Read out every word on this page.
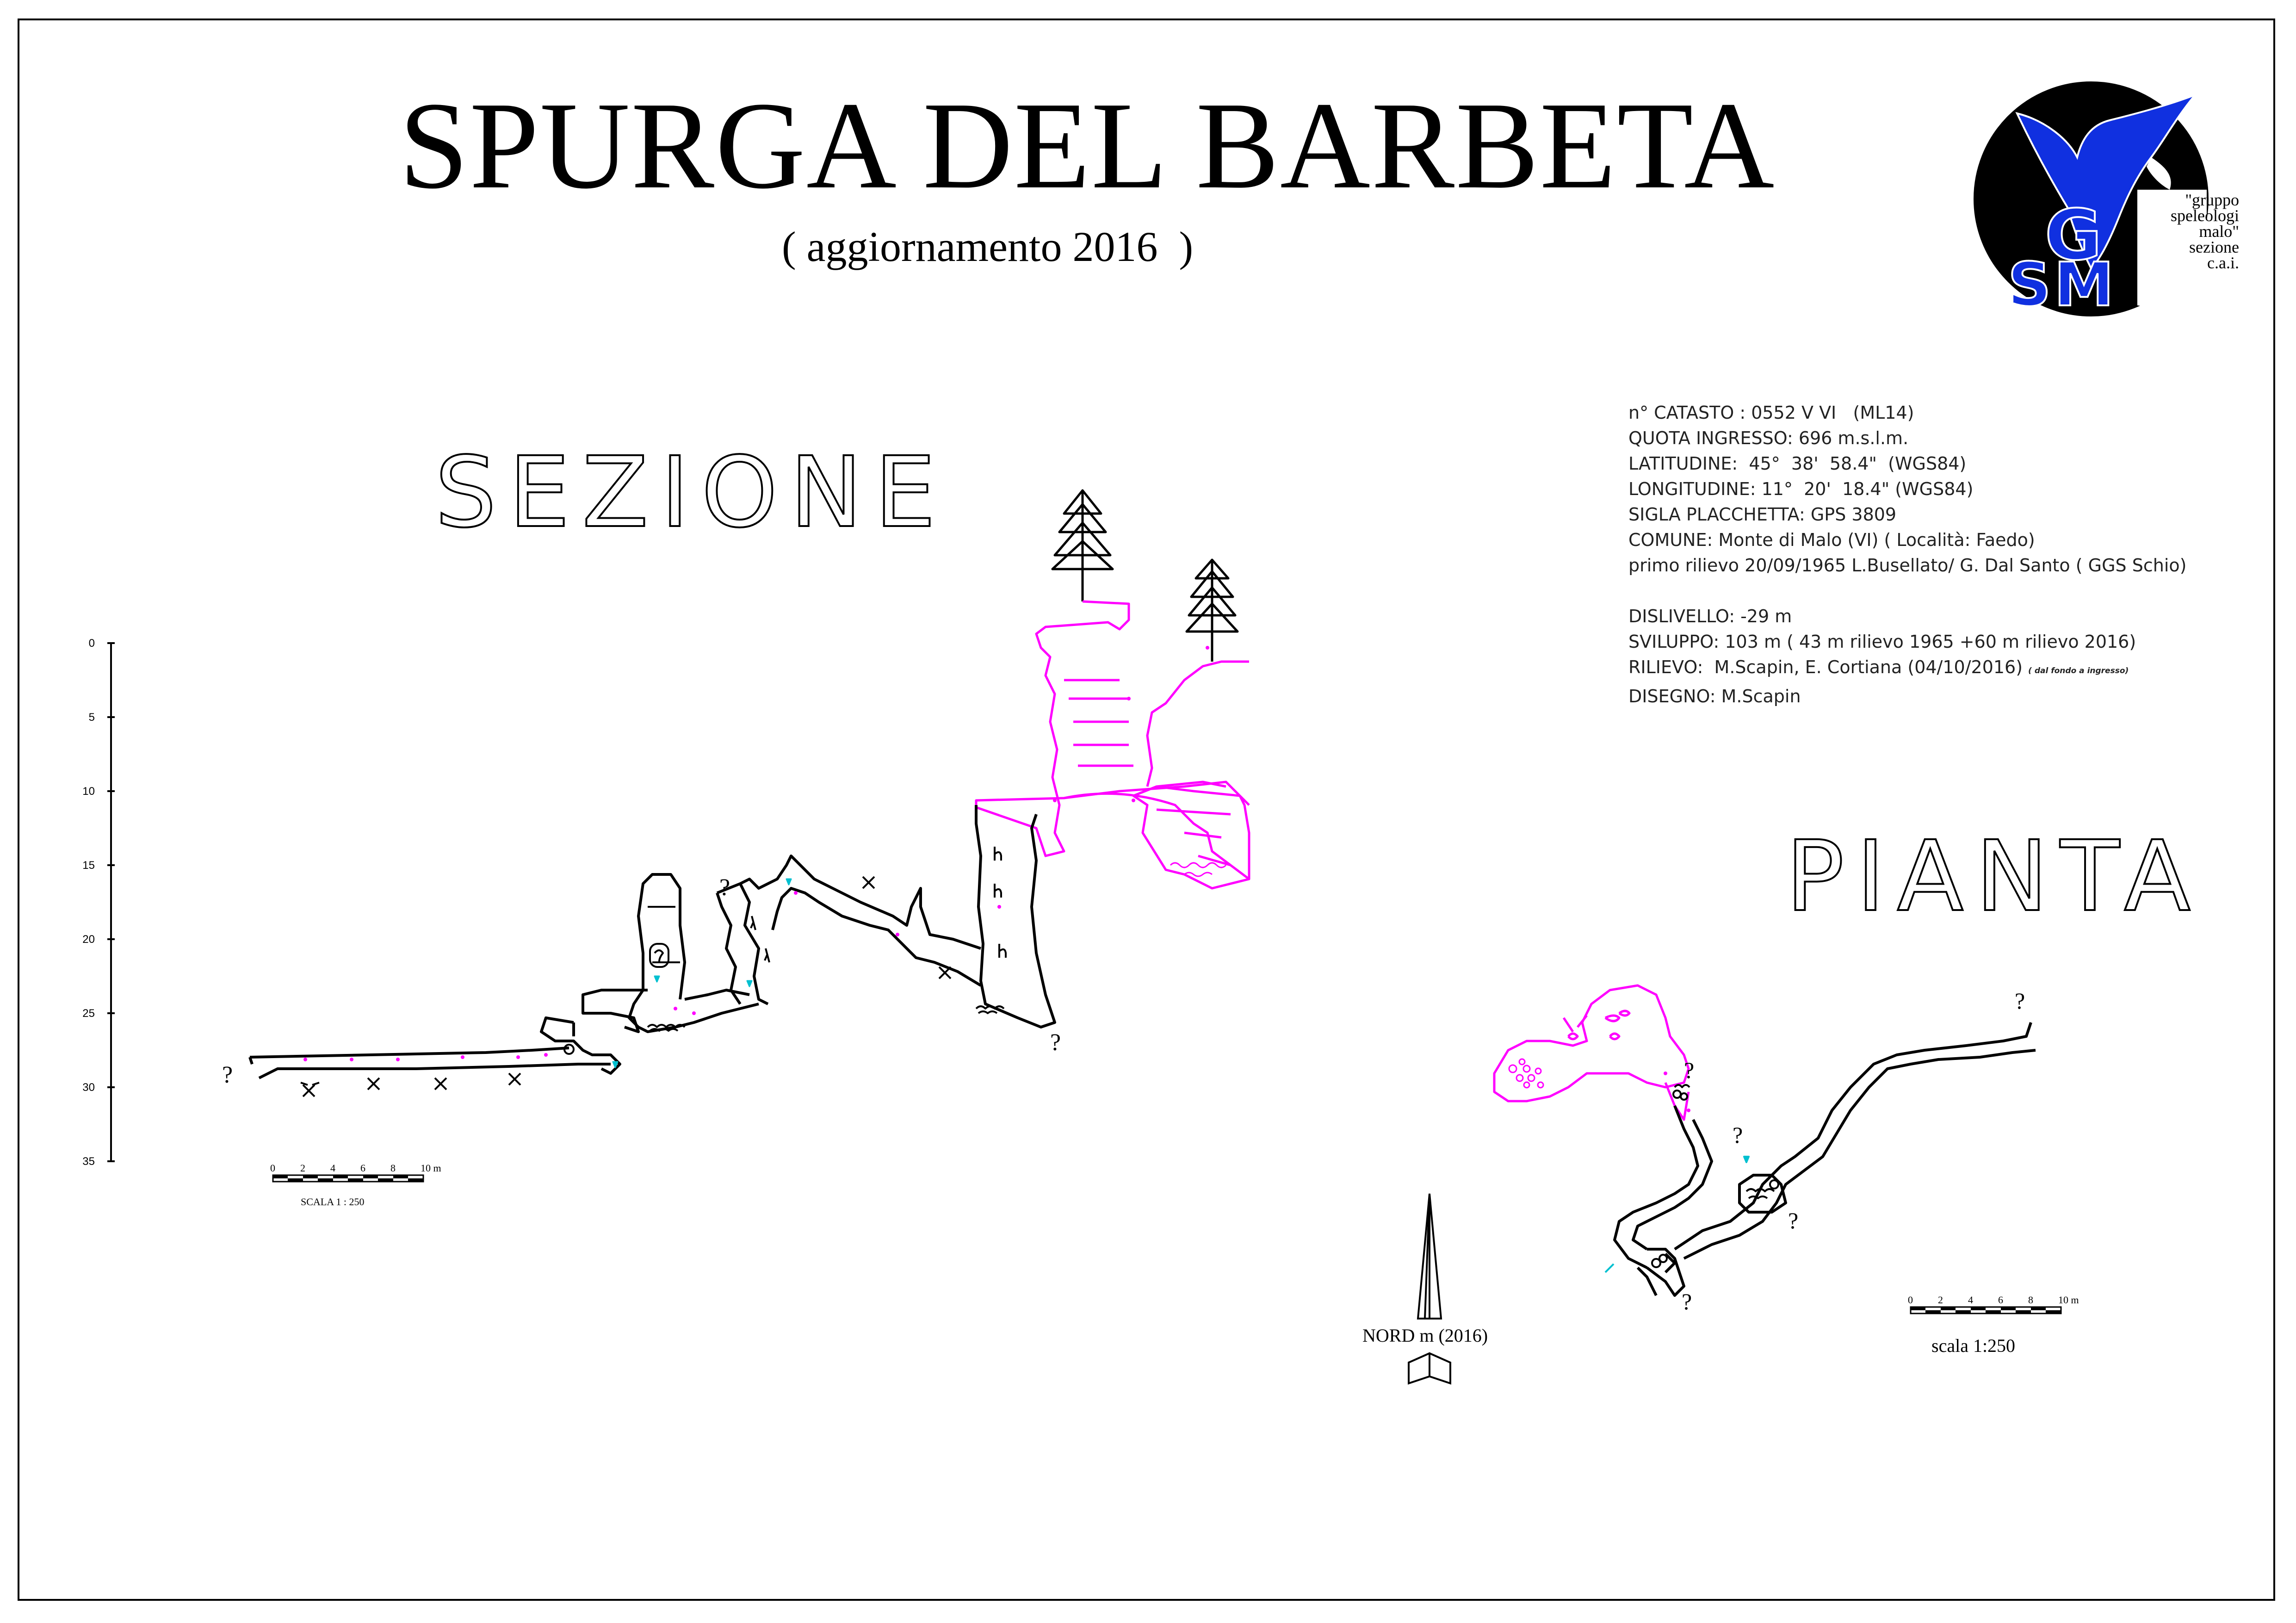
SPURGA DEL BARBETA
( aggiornamento 2016  )
SEZIONE
PIANTA
n° CATASTO : 0552 V VI   (ML14)
QUOTA INGRESSO: 696 m.s.l.m.
LATITUDINE:  45°  38'  58.4"  (WGS84)
LONGITUDINE: 11°  20'  18.4" (WGS84)
SIGLA PLACCHETTA: GPS 3809
COMUNE: Monte di Malo (VI) ( Località: Faedo)
primo rilievo 20/09/1965 L.Busellato/ G. Dal Santo ( GGS Schio)
DISLIVELLO: -29 m
SVILUPPO: 103 m ( 43 m rilievo 1965 +60 m rilievo 2016)
RILIEVO:  M.Scapin, E. Cortiana (04/10/2016) ( dal fondo a ingresso)
DISEGNO: M.Scapin
G
S M
0
5
10
15
20
25
30
35
?
?
?
0 2 4 6 8 10 m
SCALA 1 : 250
?
?
?
?
?
0 2 4 6 8 10 m
scala 1:250
NORD m (2016)
"gruppo
speleologi
malo"
sezione
c.a.i.
